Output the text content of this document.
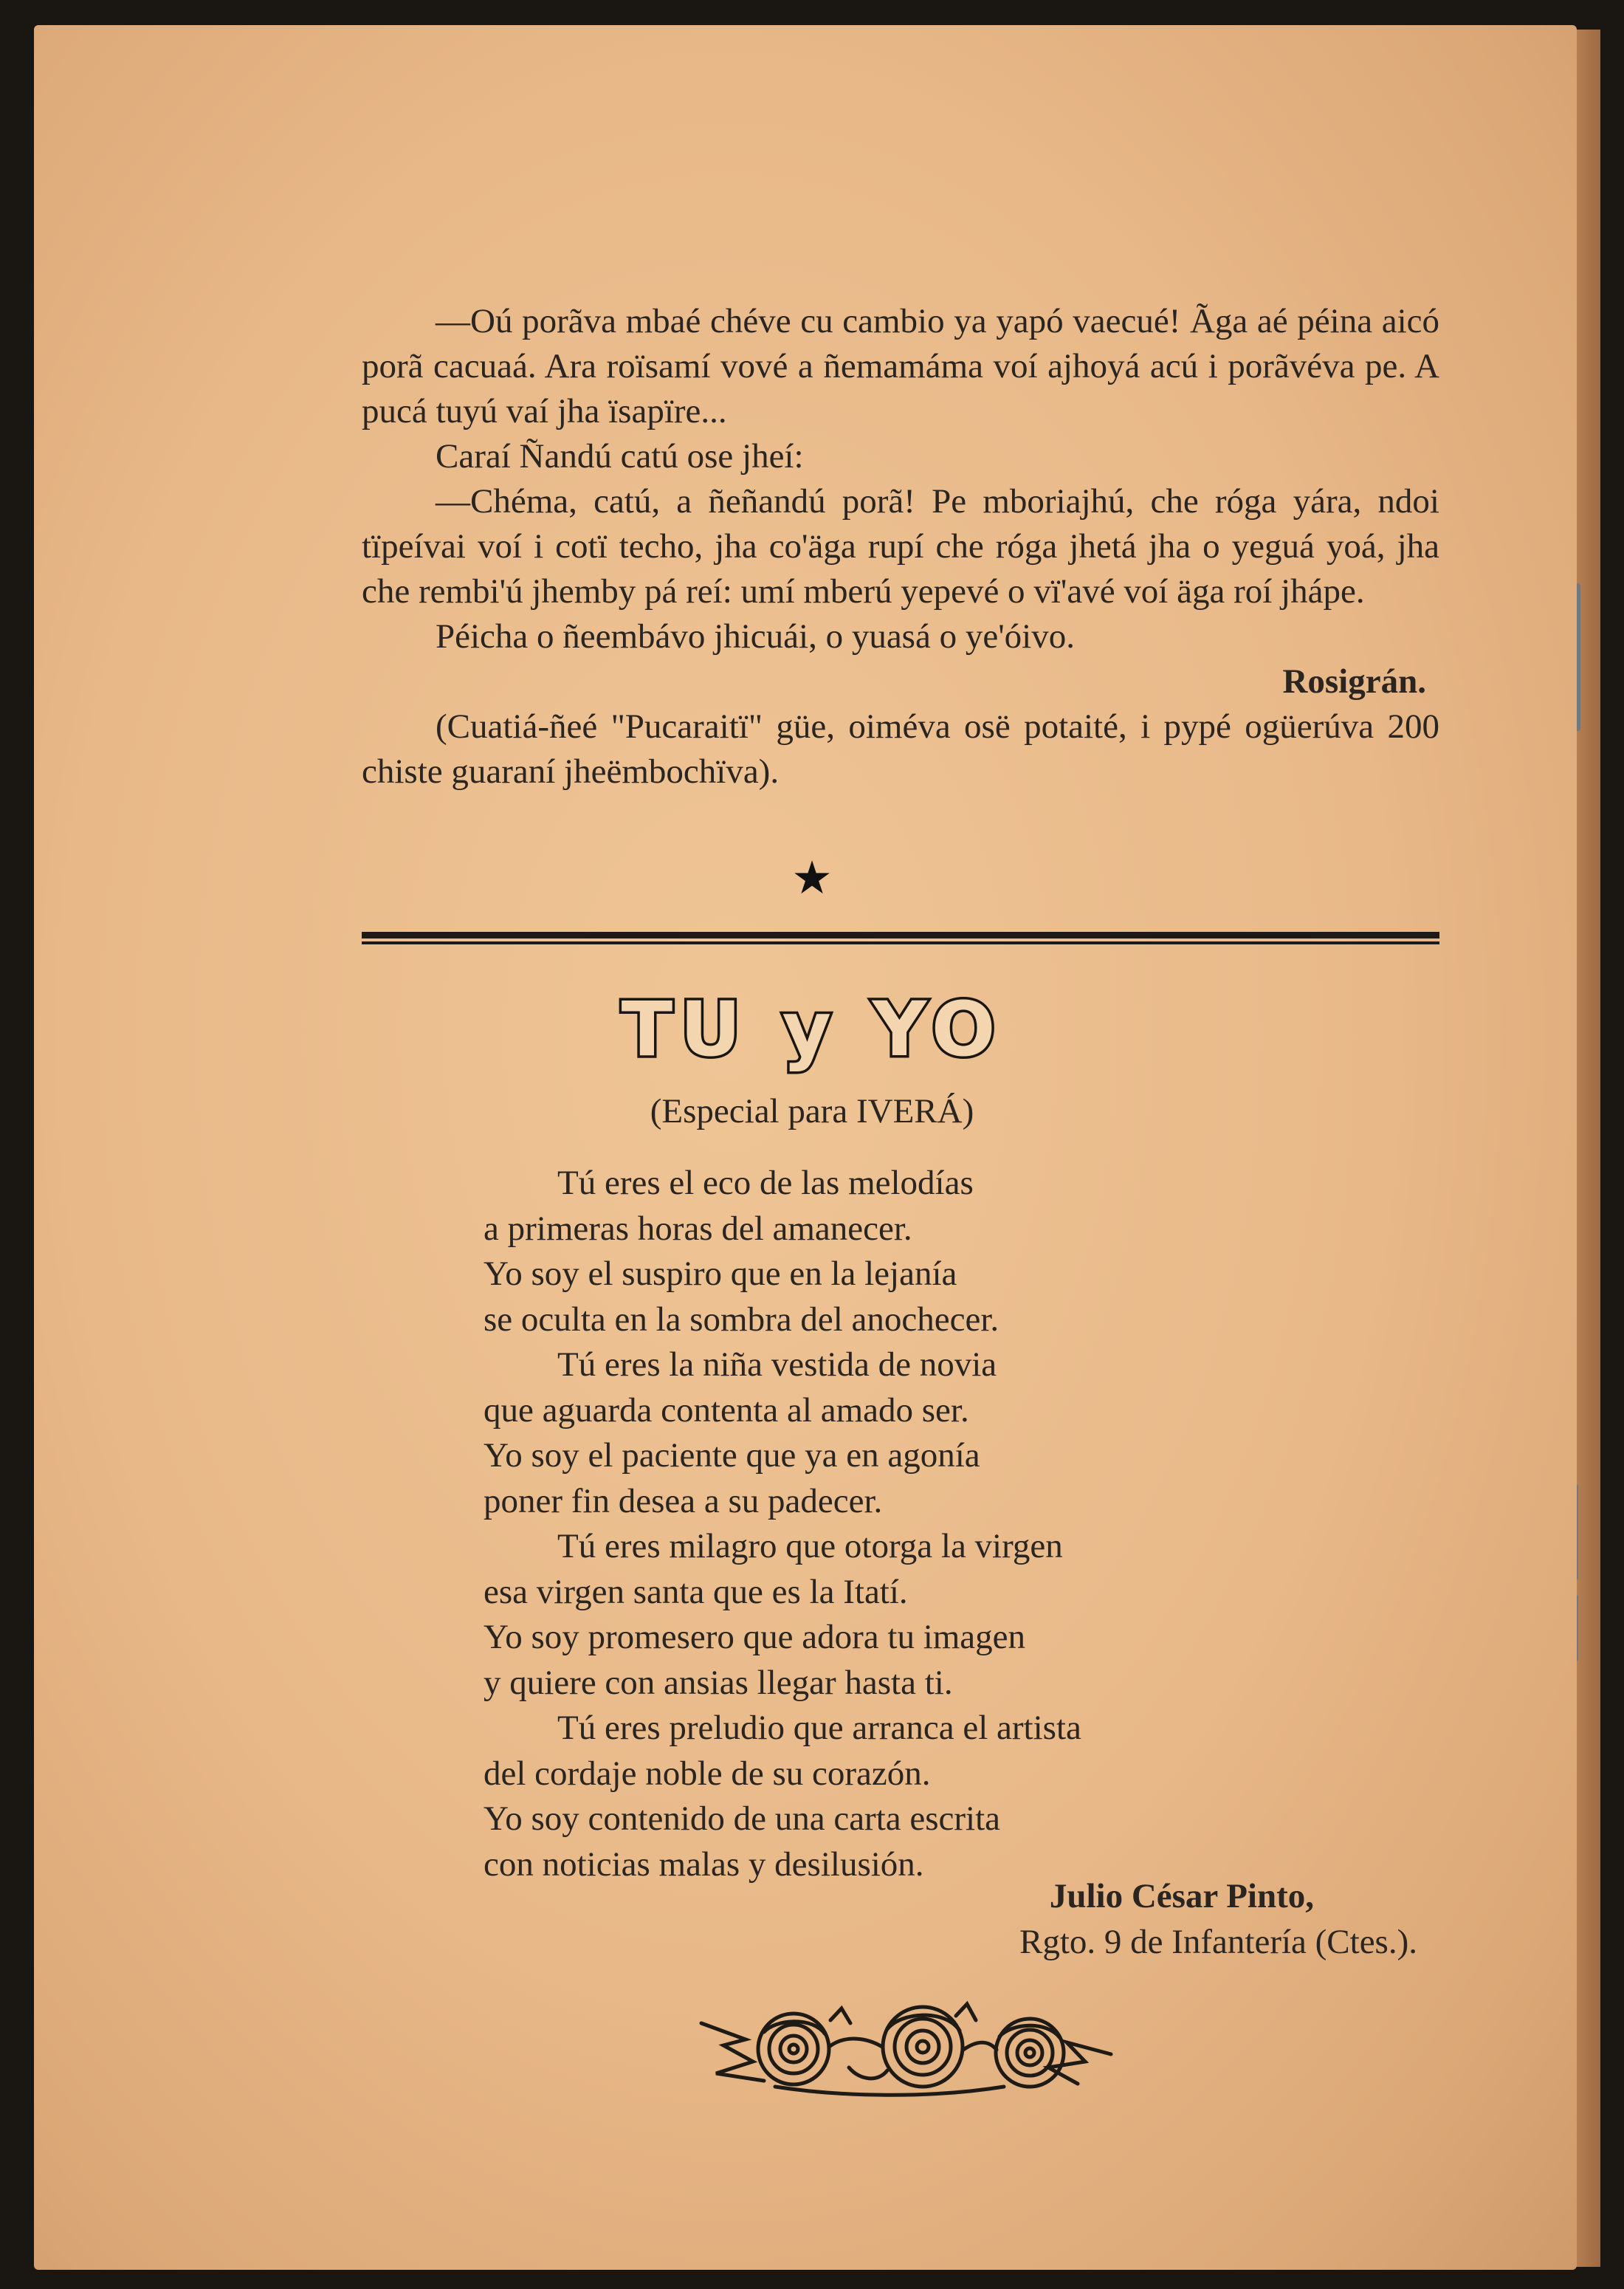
—Oú porãva mbaé chéve cu cambio ya yapó vaecué! Ãga aé péina aicó porã cacuaá. Ara roïsamí vové a ñemamáma voí ajhoyá acú i porãvéva pe. A pucá tuyú vaí jha ïsapïre...

Caraí Ñandú catú ose jheí:

—Chéma, catú, a ñeñandú porã! Pe mboriajhú, che róga yára, ndoi tïpeívai voí i cotï techo, jha co'äga rupí che róga jhetá jha o yeguá yoá, jha che rembi'ú jhemby pá reí: umí mberú yepevé o vï'avé voí äga roí jhápe.

Péicha o ñeembávo jhicuái, o yuasá o ye'óivo.

Rosigrán.

(Cuatiá-ñeé "Pucaraitï" güe, oiméva osë potaité, i pypé ogüerúva 200 chiste guaraní jheëmbochïva).

★
TU y YO
(Especial para IVERÁ)
Tú eres el eco de las melodías
a primeras horas del amanecer.
Yo soy el suspiro que en la lejanía
se oculta en la sombra del anochecer.
Tú eres la niña vestida de novia
que aguarda contenta al amado ser.
Yo soy el paciente que ya en agonía
poner fin desea a su padecer.
Tú eres milagro que otorga la virgen
esa virgen santa que es la Itatí.
Yo soy promesero que adora tu imagen
y quiere con ansias llegar hasta ti.
Tú eres preludio que arranca el artista
del cordaje noble de su corazón.
Yo soy contenido de una carta escrita
con noticias malas y desilusión.
Julio César Pinto,
Rgto. 9 de Infantería (Ctes.).
